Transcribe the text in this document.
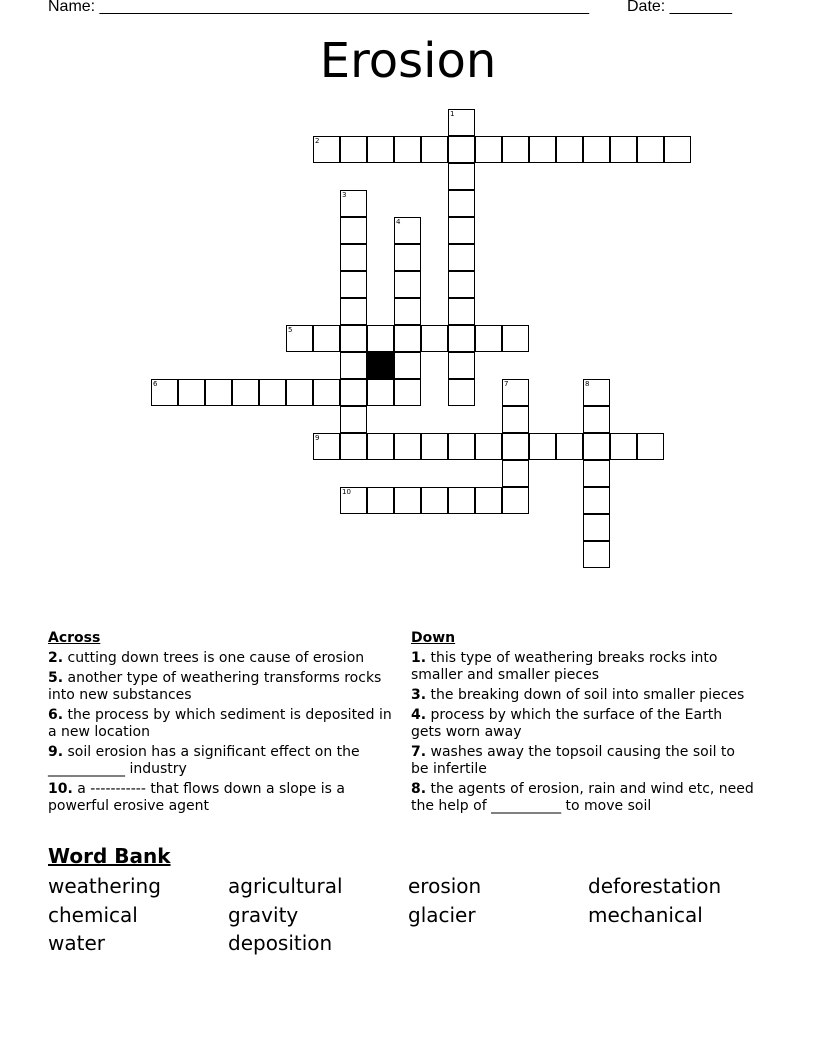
Name: _______________________________________________________ Date: _______
Erosion
1
2
3
4
5
6	7	8
9
10
Across
2. cutting down trees is one cause of erosion
5. another type of weathering transforms rocks into new substances
6. the process by which sediment is deposited in a new location
9. soil erosion has a significant effect on the ___________ industry
10. a ----------- that flows down a slope is a powerful erosive agent
Down
1. this type of weathering breaks rocks into smaller and smaller pieces
3. the breaking down of soil into smaller pieces
4. process by which the surface of the Earth gets worn away
7. washes away the topsoil causing the soil to be infertile
8. the agents of erosion, rain and wind etc, need the help of __________ to move soil
Word Bank
weathering	agricultural	erosion	deforestation
chemical	gravity	glacier	mechanical
water	deposition
